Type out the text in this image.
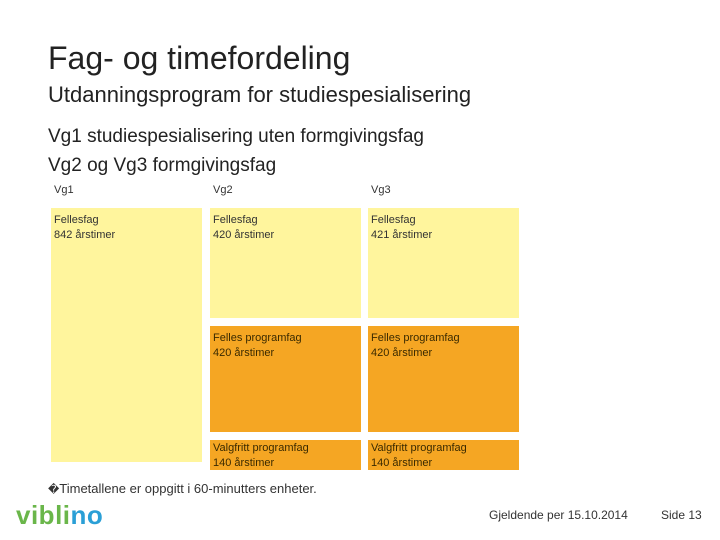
Fag- og timefordeling
Utdanningsprogram for studiespesialisering
Vg1 studiespesialisering uten formgivingsfag
Vg2 og Vg3 formgivingsfag
Vg1	Vg2	Vg3
Fellesfag
842 årstimer
Fellesfag
420 årstimer
Felles programfag
420 årstimer
Valgfritt programfag
140 årstimer
Fellesfag
421 årstimer
Felles programfag
420 årstimer
Valgfritt programfag
140 årstimer
�Timetallene er oppgitt i 60-minutters enheter.
viblino	Gjeldende per 15.10.2014	Side 13
